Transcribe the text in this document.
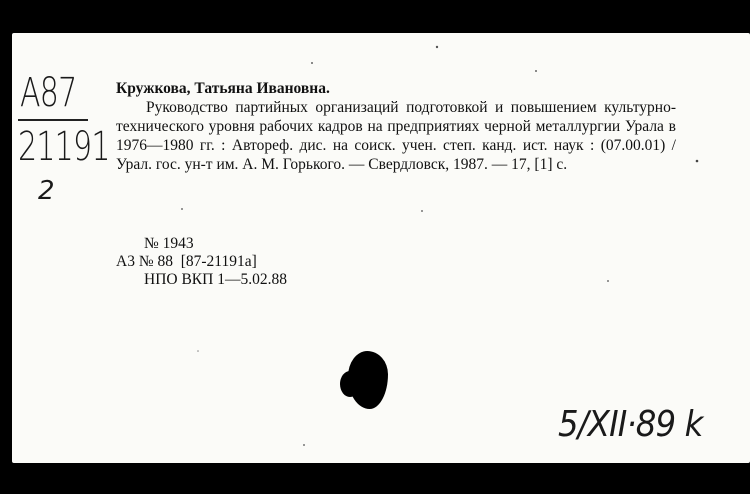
А87
21191
2
Кружкова, Татьяна Ивановна.
Руководство партийных организаций подготовкой и повышением культурно-технического уровня рабочих кадров на предприятиях черной металлургии Урала в 1976—1980 гг. : Автореф. дис. на соиск. учен. степ. канд. ист. наук : (07.00.01) / Урал. гос. ун-т им. А. М. Горького. — Свердловск, 1987. — 17, [1] с.
№ 1943
А3 № 88  [87-21191а]
НПО ВКП 1—5.02.88
5/XII·89 k
